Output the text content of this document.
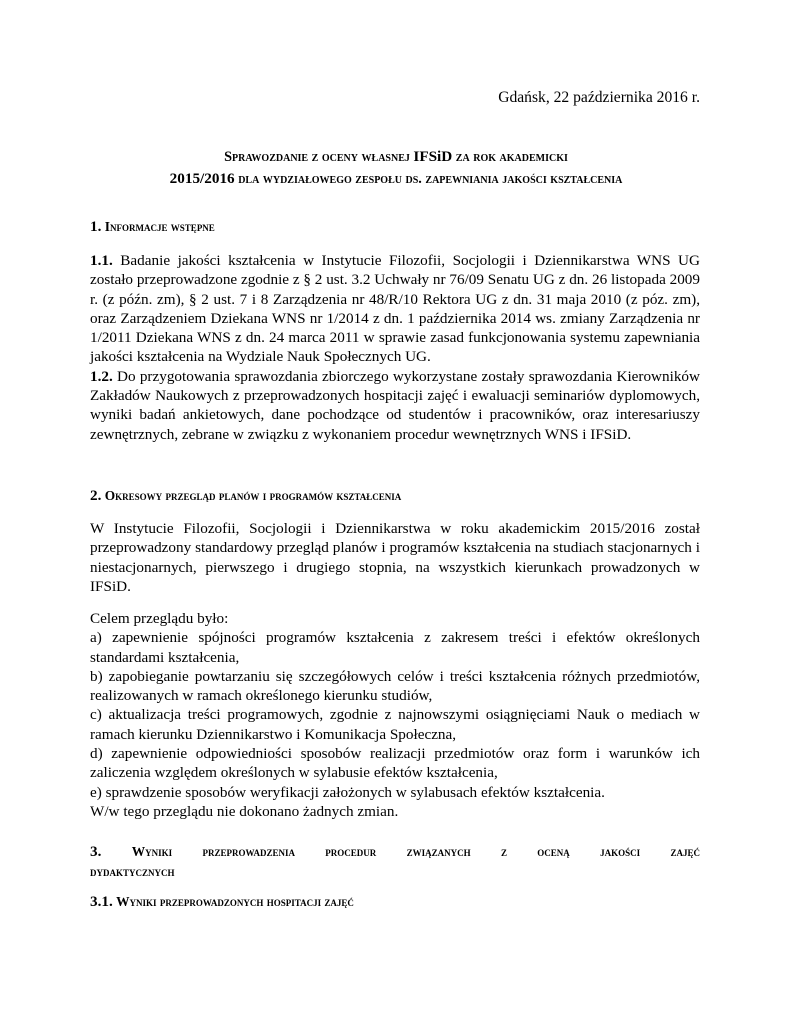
Gdańsk, 22 października 2016 r.
Sprawozdanie z oceny własnej IFSiD za rok akademicki
2015/2016 dla wydziałowego zespołu ds. zapewniania jakości kształcenia
1. Informacje wstępne

1.1. Badanie jakości kształcenia w Instytucie Filozofii, Socjologii i Dziennikarstwa WNS UG zostało przeprowadzone zgodnie z § 2 ust. 3.2 Uchwały nr 76/09 Senatu UG z dn. 26 listopada 2009 r. (z późn. zm), § 2 ust. 7 i 8 Zarządzenia nr 48/R/10 Rektora UG z dn. 31 maja 2010 (z póz. zm), oraz Zarządzeniem Dziekana WNS nr 1/2014 z dn. 1 października 2014 ws. zmiany Zarządzenia nr 1/2011 Dziekana WNS z dn. 24 marca 2011 w sprawie zasad funkcjonowania systemu zapewniania jakości kształcenia na Wydziale Nauk Społecznych UG.

1.2. Do przygotowania sprawozdania zbiorczego wykorzystane zostały sprawozdania Kierowników Zakładów Naukowych z przeprowadzonych hospitacji zajęć i ewaluacji seminariów dyplomowych, wyniki badań ankietowych, dane pochodzące od studentów i pracowników, oraz interesariuszy zewnętrznych, zebrane w związku z wykonaniem procedur wewnętrznych WNS i IFSiD.

2. Okresowy przegląd planów i programów kształcenia

W Instytucie Filozofii, Socjologii i Dziennikarstwa w roku akademickim 2015/2016 został przeprowadzony standardowy przegląd planów i programów kształcenia na studiach stacjonarnych i niestacjonarnych, pierwszego i drugiego stopnia, na wszystkich kierunkach prowadzonych w IFSiD.

Celem przeglądu było:
a) zapewnienie spójności programów kształcenia z zakresem treści i efektów określonych standardami kształcenia,
b) zapobieganie powtarzaniu się szczegółowych celów i treści kształcenia różnych przedmiotów, realizowanych w ramach określonego kierunku studiów,
c) aktualizacja treści programowych, zgodnie z najnowszymi osiągnięciami Nauk o mediach w ramach kierunku Dziennikarstwo i Komunikacja Społeczna,
d) zapewnienie odpowiedniości sposobów realizacji przedmiotów oraz form i warunków ich zaliczenia względem określonych w sylabusie efektów kształcenia,
e) sprawdzenie sposobów weryfikacji założonych w sylabusach efektów kształcenia.
W/w tego przeglądu nie dokonano żadnych zmian.
3. Wyniki przeprowadzenia procedur związanych z oceną jakości zajęć
dydaktycznych
3.1. Wyniki przeprowadzonych hospitacji zajęć
